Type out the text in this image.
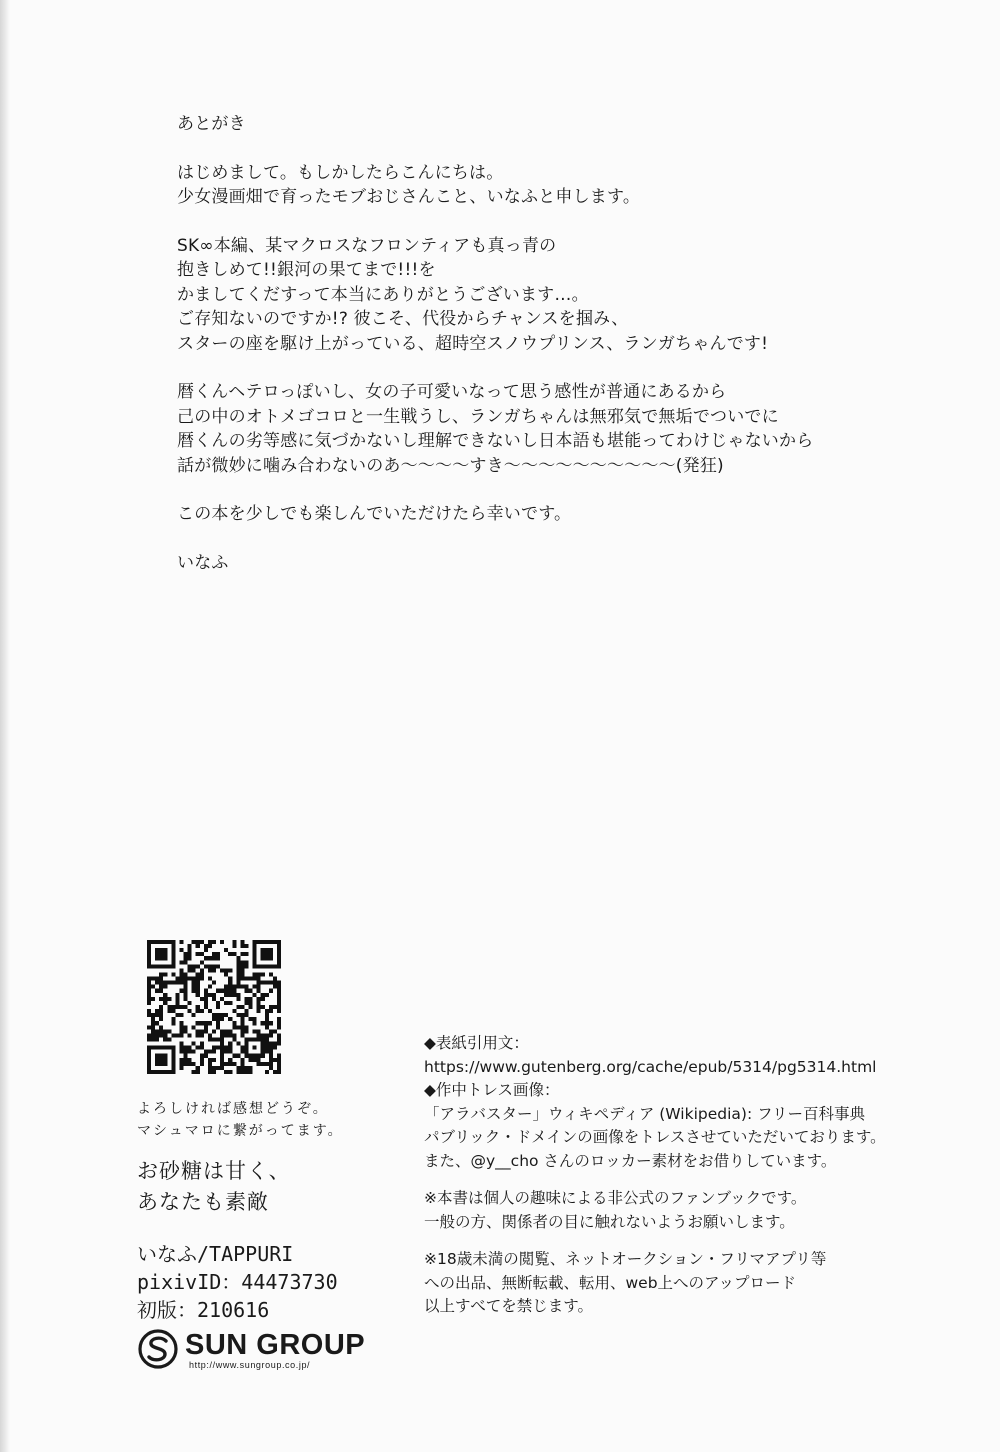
あとがき
はじめまして。もしかしたらこんにちは。
少女漫画畑で育ったモブおじさんこと、いなふと申します。
SK∞本編、某マクロスなフロンティアも真っ青の
抱きしめて!!銀河の果てまで!!!を
かましてくだすって本当にありがとうございます…。
ご存知ないのですか!? 彼こそ、代役からチャンスを掴み、
スターの座を駆け上がっている、超時空スノウプリンス、ランガちゃんです!
暦くんヘテロっぽいし、女の子可愛いなって思う感性が普通にあるから
己の中のオトメゴコロと一生戦うし、ランガちゃんは無邪気で無垢でついでに
暦くんの劣等感に気づかないし理解できないし日本語も堪能ってわけじゃないから
話が微妙に噛み合わないのあ～～～～すき～～～～～～～～～～(発狂)
この本を少しでも楽しんでいただけたら幸いです。
いなふ
よろしければ感想どうぞ。
マシュマロに繋がってます。
お砂糖は甘く、
あなたも素敵
いなふ/TAPPURI
pixivID：44473730
初版：210616
SUN GROUP
http://www.sungroup.co.jp/
◆表紙引用文：
https://www.gutenberg.org/cache/epub/5314/pg5314.html
◆作中トレス画像：
「アラバスター」ウィキペディア (Wikipedia): フリー百科事典
パブリック・ドメインの画像をトレスさせていただいております。
また、@y__cho さんのロッカー素材をお借りしています。
※本書は個人の趣味による非公式のファンブックです。
一般の方、関係者の目に触れないようお願いします。
※18歳未満の閲覧、ネットオークション・フリマアプリ等
への出品、無断転載、転用、web上へのアップロード
以上すべてを禁じます。
